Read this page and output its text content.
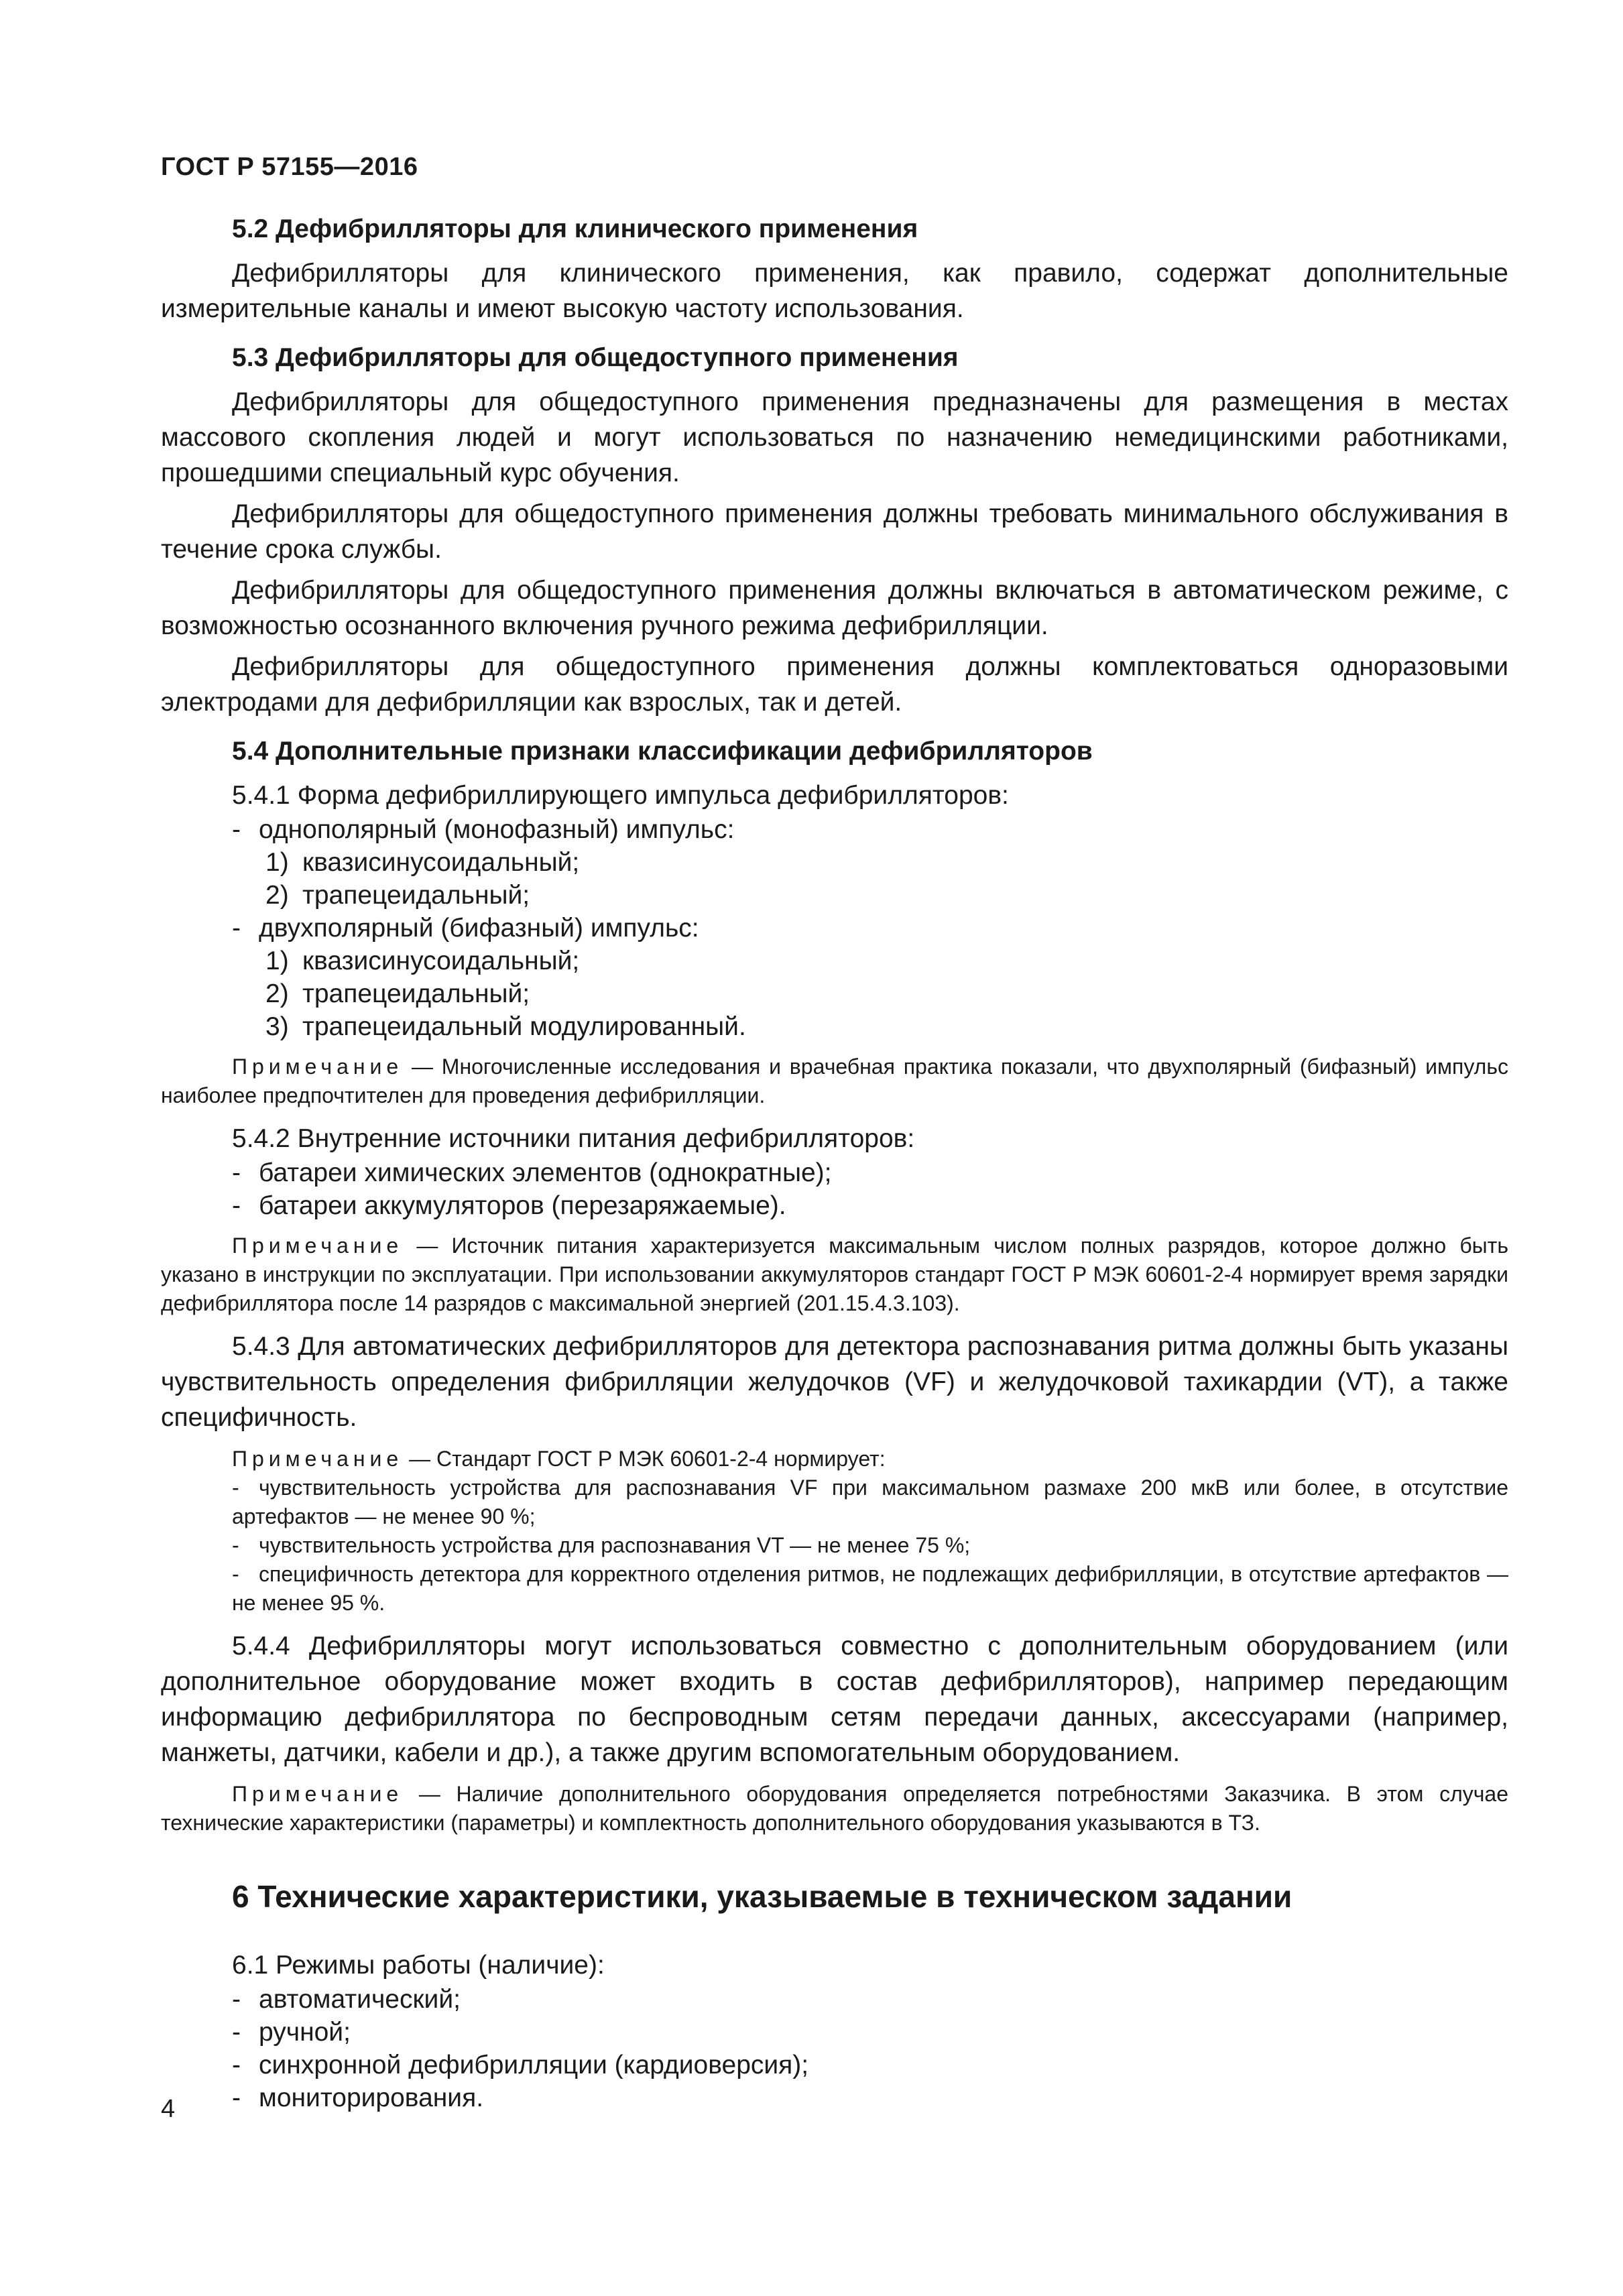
ГОСТ Р 57155—2016
5.2 Дефибрилляторы для клинического применения
Дефибрилляторы для клинического применения, как правило, содержат дополнительные измерительные каналы и имеют высокую частоту использования.
5.3 Дефибрилляторы для общедоступного применения
Дефибрилляторы для общедоступного применения предназначены для размещения в местах массового скопления людей и могут использоваться по назначению немедицинскими работниками, прошедшими специальный курс обучения.
Дефибрилляторы для общедоступного применения должны требовать минимального обслуживания в течение срока службы.
Дефибрилляторы для общедоступного применения должны включаться в автоматическом режиме, с возможностью осознанного включения ручного режима дефибрилляции.
Дефибрилляторы для общедоступного применения должны комплектоваться одноразовыми электродами для дефибрилляции как взрослых, так и детей.
5.4 Дополнительные признаки классификации дефибрилляторов
5.4.1 Форма дефибриллирующего импульса дефибрилляторов:
- однополярный (монофазный) импульс:
1) квазисинусоидальный;
2) трапецеидальный;
- двухполярный (бифазный) импульс:
1) квазисинусоидальный;
2) трапецеидальный;
3) трапецеидальный модулированный.
Примечание — Многочисленные исследования и врачебная практика показали, что двухполярный (бифазный) импульс наиболее предпочтителен для проведения дефибрилляции.
5.4.2 Внутренние источники питания дефибрилляторов:
- батареи химических элементов (однократные);
- батареи аккумуляторов (перезаряжаемые).
Примечание — Источник питания характеризуется максимальным числом полных разрядов, которое должно быть указано в инструкции по эксплуатации. При использовании аккумуляторов стандарт ГОСТ Р МЭК 60601-2-4 нормирует время зарядки дефибриллятора после 14 разрядов с максимальной энергией (201.15.4.3.103).
5.4.3 Для автоматических дефибрилляторов для детектора распознавания ритма должны быть указаны чувствительность определения фибрилляции желудочков (VF) и желудочковой тахикардии (VT), а также специфичность.
Примечание — Стандарт ГОСТ Р МЭК 60601-2-4 нормирует:
- чувствительность устройства для распознавания VF при максимальном размахе 200 мкВ или более, в отсутствие артефактов — не менее 90 %;
- чувствительность устройства для распознавания VT — не менее 75 %;
- специфичность детектора для корректного отделения ритмов, не подлежащих дефибрилляции, в отсутствие артефактов — не менее 95 %.
5.4.4 Дефибрилляторы могут использоваться совместно с дополнительным оборудованием (или дополнительное оборудование может входить в состав дефибрилляторов), например передающим информацию дефибриллятора по беспроводным сетям передачи данных, аксессуарами (например, манжеты, датчики, кабели и др.), а также другим вспомогательным оборудованием.
Примечание — Наличие дополнительного оборудования определяется потребностями Заказчика. В этом случае технические характеристики (параметры) и комплектность дополнительного оборудования указываются в ТЗ.
6 Технические характеристики, указываемые в техническом задании
6.1 Режимы работы (наличие):
- автоматический;
- ручной;
- синхронной дефибрилляции (кардиоверсия);
- мониторирования.
4
